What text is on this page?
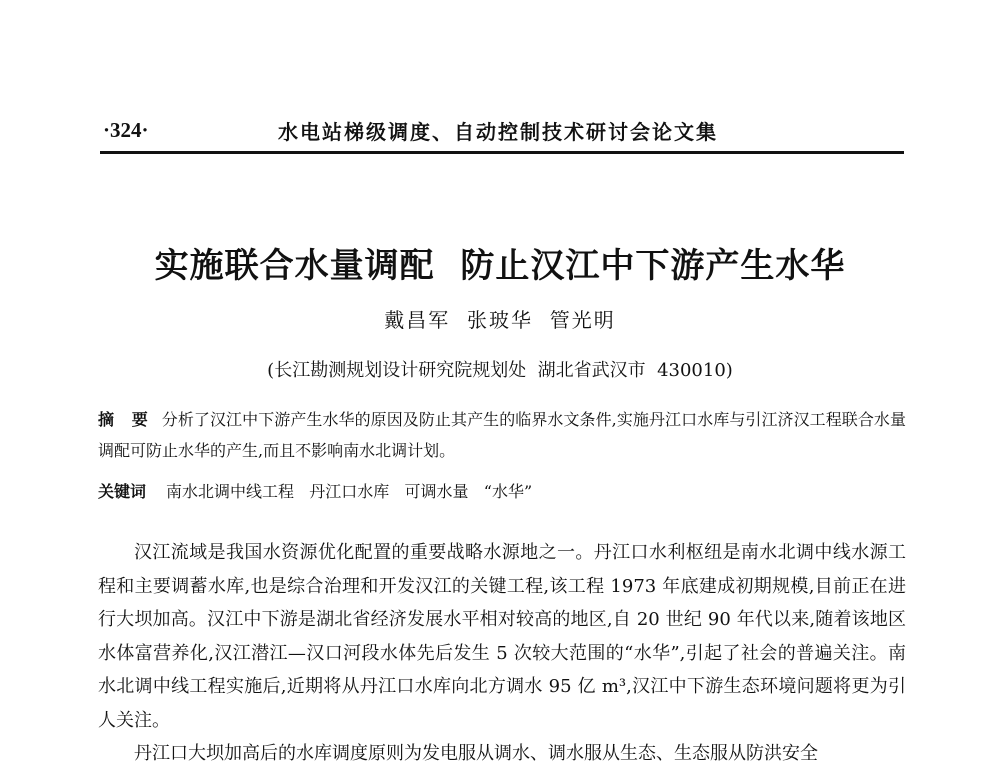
·324·	水电站梯级调度、自动控制技术研讨会论文集
实施联合水量调配  防止汉江中下游产生水华
戴昌军  张玻华  管光明
(长江勘测规划设计研究院规划处  湖北省武汉市  430010)
摘 要 分析了汉江中下游产生水华的原因及防止其产生的临界水文条件,实施丹江口水库与引江济汉工程联合水量调配可防止水华的产生,而且不影响南水北调计划。
关键词 南水北调中线工程   丹江口水库   可调水量   “水华”

汉江流域是我国水资源优化配置的重要战略水源地之一。丹江口水利枢纽是南水北调中线水源工程和主要调蓄水库,也是综合治理和开发汉江的关键工程,该工程 1973 年底建成初期规模,目前正在进行大坝加高。汉江中下游是湖北省经济发展水平相对较高的地区,自 20 世纪 90 年代以来,随着该地区水体富营养化,汉江潜江—汉口河段水体先后发生 5 次较大范围的“水华”,引起了社会的普遍关注。南水北调中线工程实施后,近期将从丹江口水库向北方调水 95 亿 m³,汉江中下游生态环境问题将更为引人关注。

丹江口大坝加高后的水库调度原则为发电服从调水、调水服从生态、生态服从防洪安全
